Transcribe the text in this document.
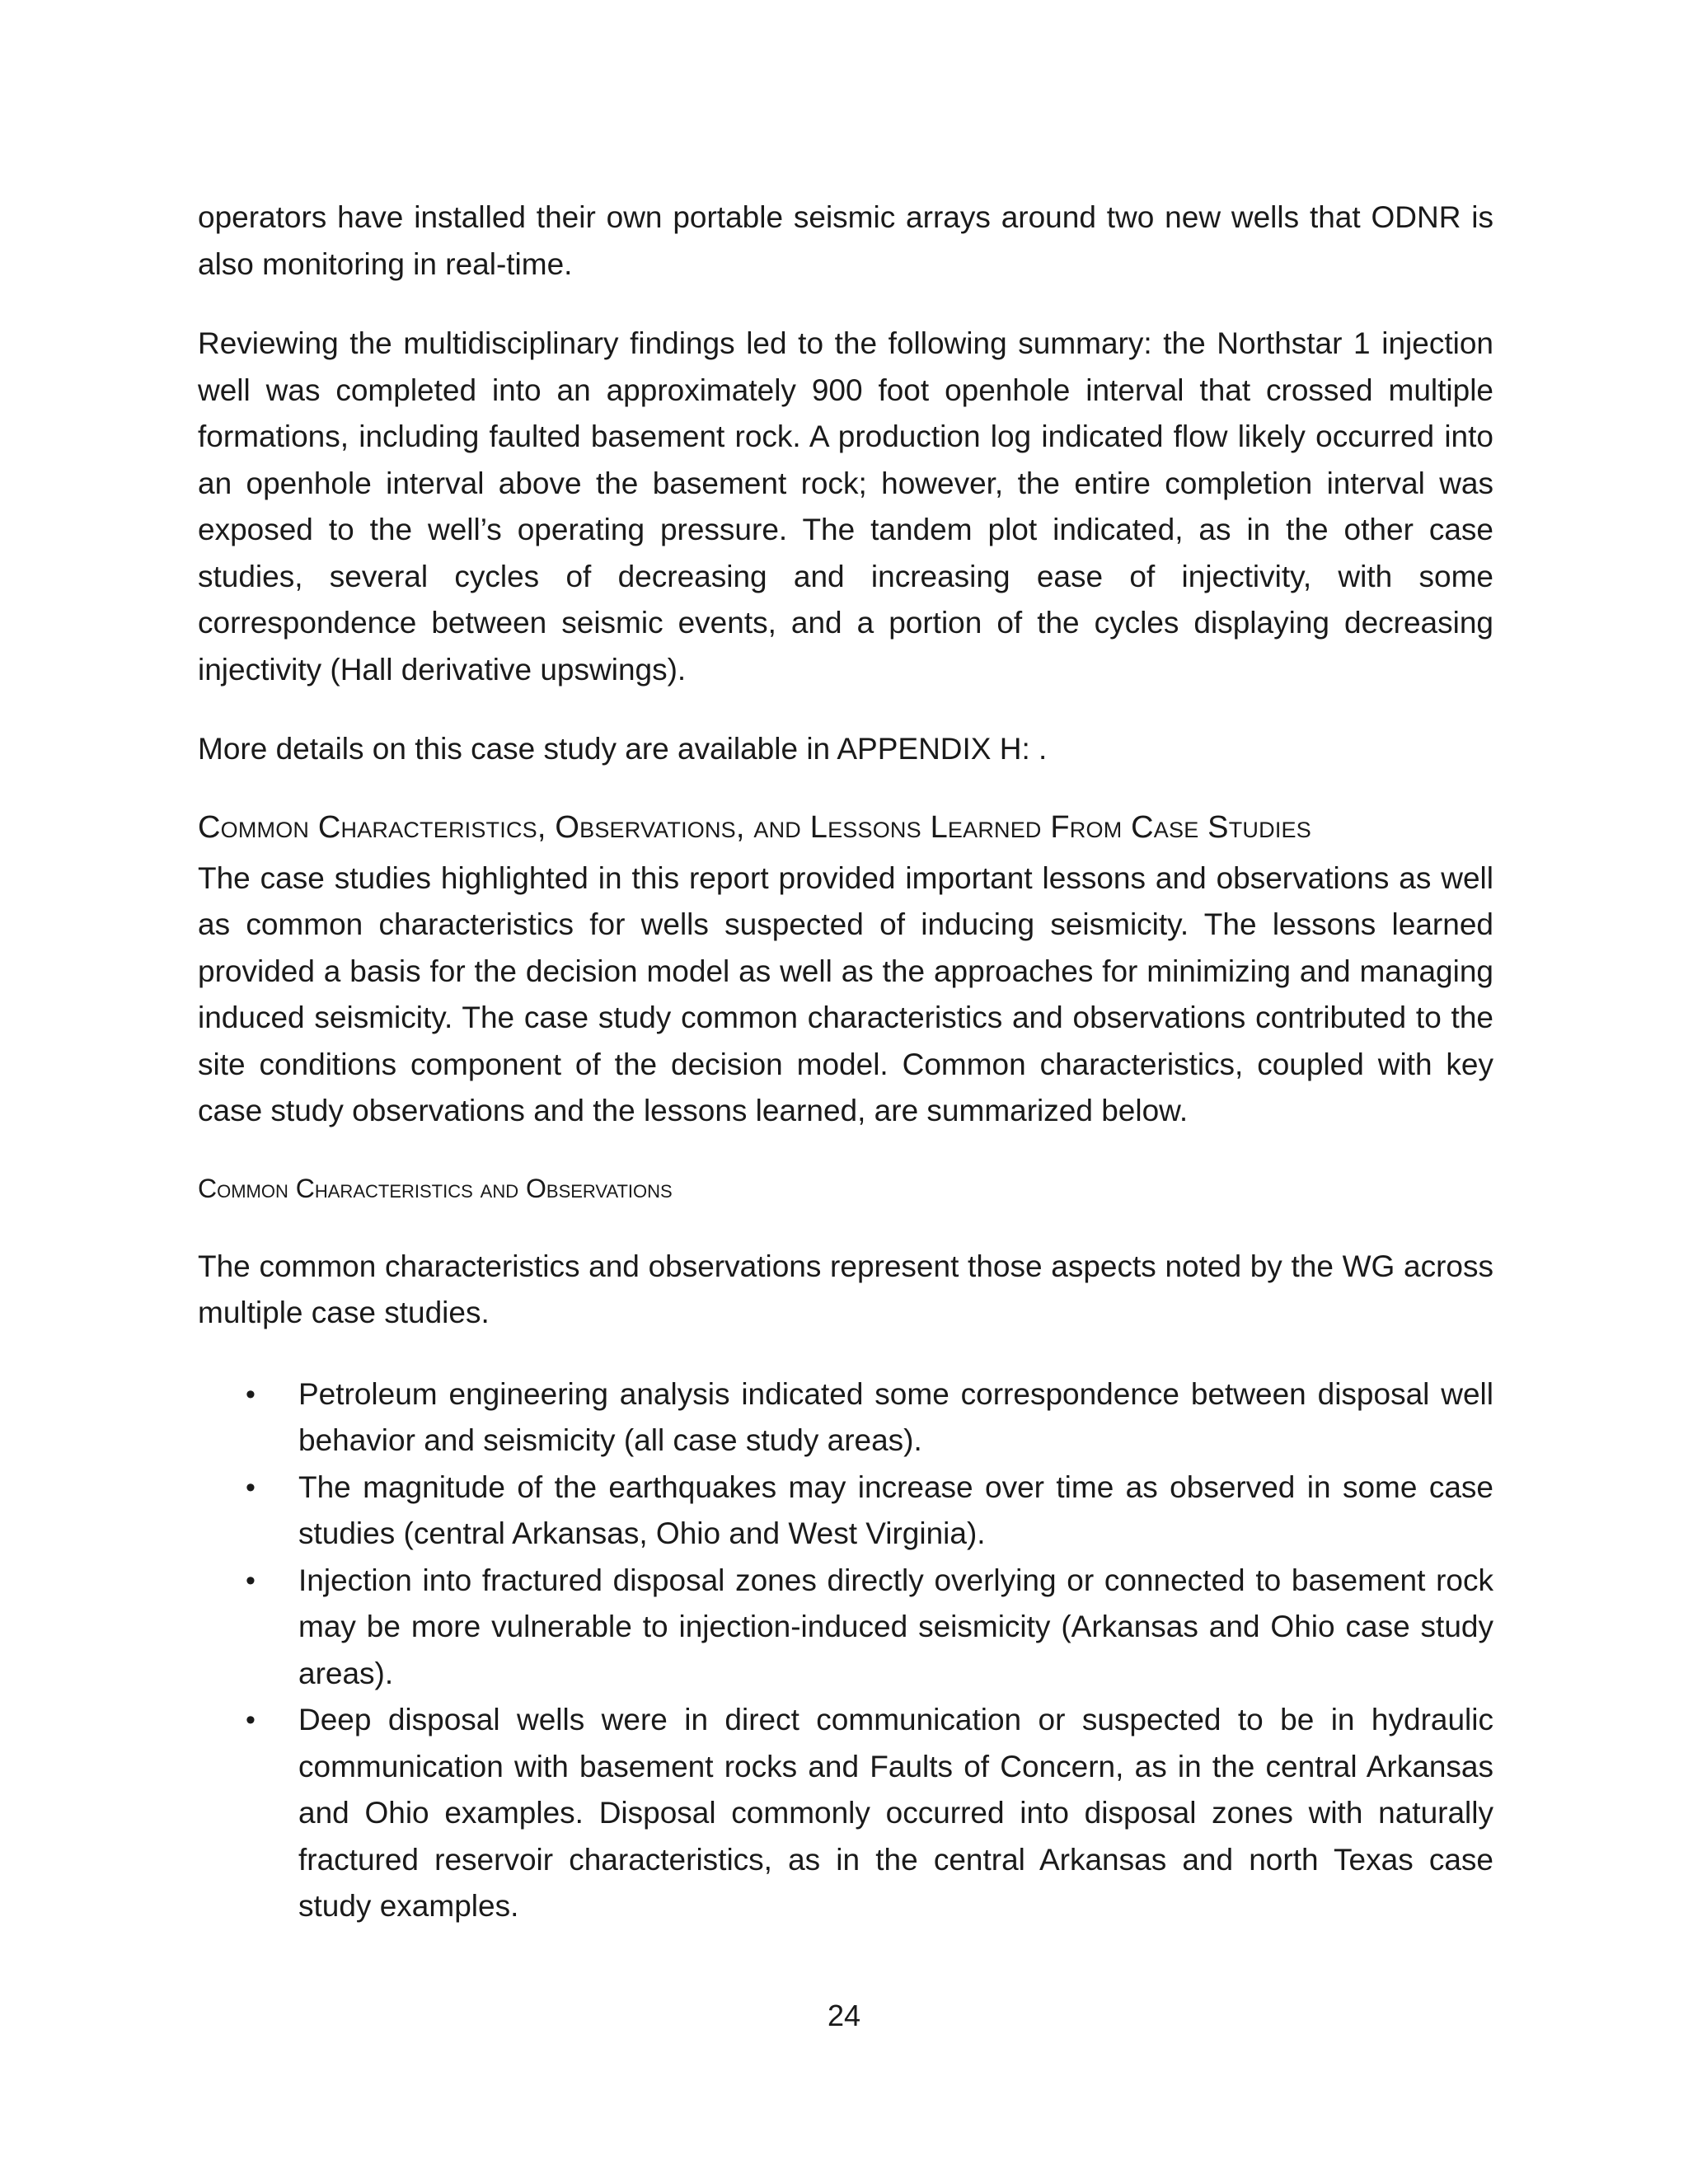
operators have installed their own portable seismic arrays around two new wells that ODNR is also monitoring in real-time.

Reviewing the multidisciplinary findings led to the following summary: the Northstar 1 injection well was completed into an approximately 900 foot openhole interval that crossed multiple formations, including faulted basement rock. A production log indicated flow likely occurred into an openhole interval above the basement rock; however, the entire completion interval was exposed to the well’s operating pressure. The tandem plot indicated, as in the other case studies, several cycles of decreasing and increasing ease of injectivity, with some correspondence between seismic events, and a portion of the cycles displaying decreasing injectivity (Hall derivative upswings).

More details on this case study are available in APPENDIX H: .

Common Characteristics, Observations, and Lessons Learned From Case Studies

The case studies highlighted in this report provided important lessons and observations as well as common characteristics for wells suspected of inducing seismicity. The lessons learned provided a basis for the decision model as well as the approaches for minimizing and managing induced seismicity. The case study common characteristics and observations contributed to the site conditions component of the decision model. Common characteristics, coupled with key case study observations and the lessons learned, are summarized below.

Common Characteristics and Observations

The common characteristics and observations represent those aspects noted by the WG across multiple case studies.

•	Petroleum engineering analysis indicated some correspondence between disposal well behavior and seismicity (all case study areas).
•	The magnitude of the earthquakes may increase over time as observed in some case studies (central Arkansas, Ohio and West Virginia).
•	Injection into fractured disposal zones directly overlying or connected to basement rock may be more vulnerable to injection-induced seismicity (Arkansas and Ohio case study areas).
•	Deep disposal wells were in direct communication or suspected to be in hydraulic communication with basement rocks and Faults of Concern, as in the central Arkansas and Ohio examples. Disposal commonly occurred into disposal zones with naturally fractured reservoir characteristics, as in the central Arkansas and north Texas case study examples.
24
